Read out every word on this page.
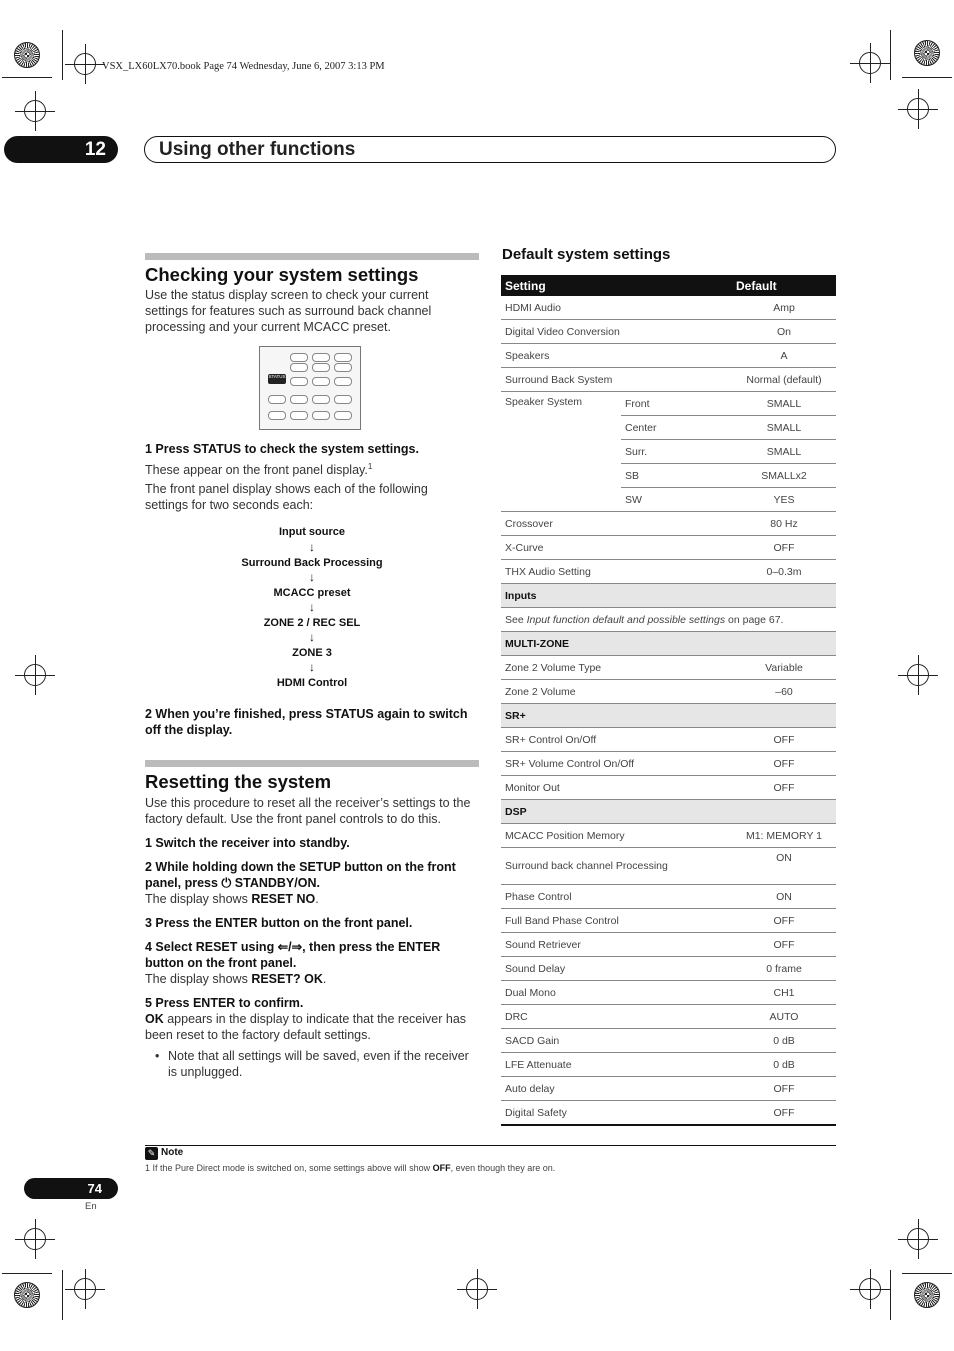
VSX_LX60LX70.book Page 74 Wednesday, June 6, 2007 3:13 PM
12	Using other functions
Checking your system settings
Use the status display screen to check your current settings for features such as surround back channel processing and your current MCACC preset.
STATUS
1 Press STATUS to check the system settings.
These appear on the front panel display.$^1$
The front panel display shows each of the following settings for two seconds each:
Input source
↓
Surround Back Processing
↓
MCACC preset
↓
ZONE 2 / REC SEL
↓
ZONE 3
↓
HDMI Control
2 When you’re finished, press STATUS again to switch off the display.
Resetting the system
Use this procedure to reset all the receiver’s settings to the factory default. Use the front panel controls to do this.
1 Switch the receiver into standby.
2 While holding down the SETUP button on the front panel, press ⏻ STANDBY/ON.
The display shows RESET NO.
3 Press the ENTER button on the front panel.
4 Select RESET using ⇐/⇒, then press the ENTER button on the front panel.
The display shows RESET? OK.
5 Press ENTER to confirm.
OK appears in the display to indicate that the receiver has been reset to the factory default settings.
• Note that all settings will be saved, even if the receiver is unplugged.
Default system settings
Setting		Default
HDMI Audio		Amp
Digital Video Conversion		On
Speakers		A
Surround Back System		Normal (default)
Speaker System	Front	SMALL
	Center	SMALL
	Surr.	SMALL
	SB	SMALLx2
	SW	YES
Crossover		80 Hz
X-Curve		OFF
THX Audio Setting		0–0.3m
Inputs		
See Input function default and possible settings on page 67.		
MULTI-ZONE		
Zone 2 Volume Type		Variable
Zone 2 Volume		–60
SR+		
SR+ Control On/Off		OFF
SR+ Volume Control On/Off		OFF
Monitor Out		OFF
DSP		
MCACC Position Memory		M1: MEMORY 1
Surround back channel Processing		ON
Phase Control		ON
Full Band Phase Control		OFF
Sound Retriever		OFF
Sound Delay		0 frame
Dual Mono		CH1
DRC		AUTO
SACD Gain		0 dB
LFE Attenuate		0 dB
Auto delay		OFF
Digital Safety		OFF
✎ Note
1 If the Pure Direct mode is switched on, some settings above will show OFF, even though they are on.
74
En
